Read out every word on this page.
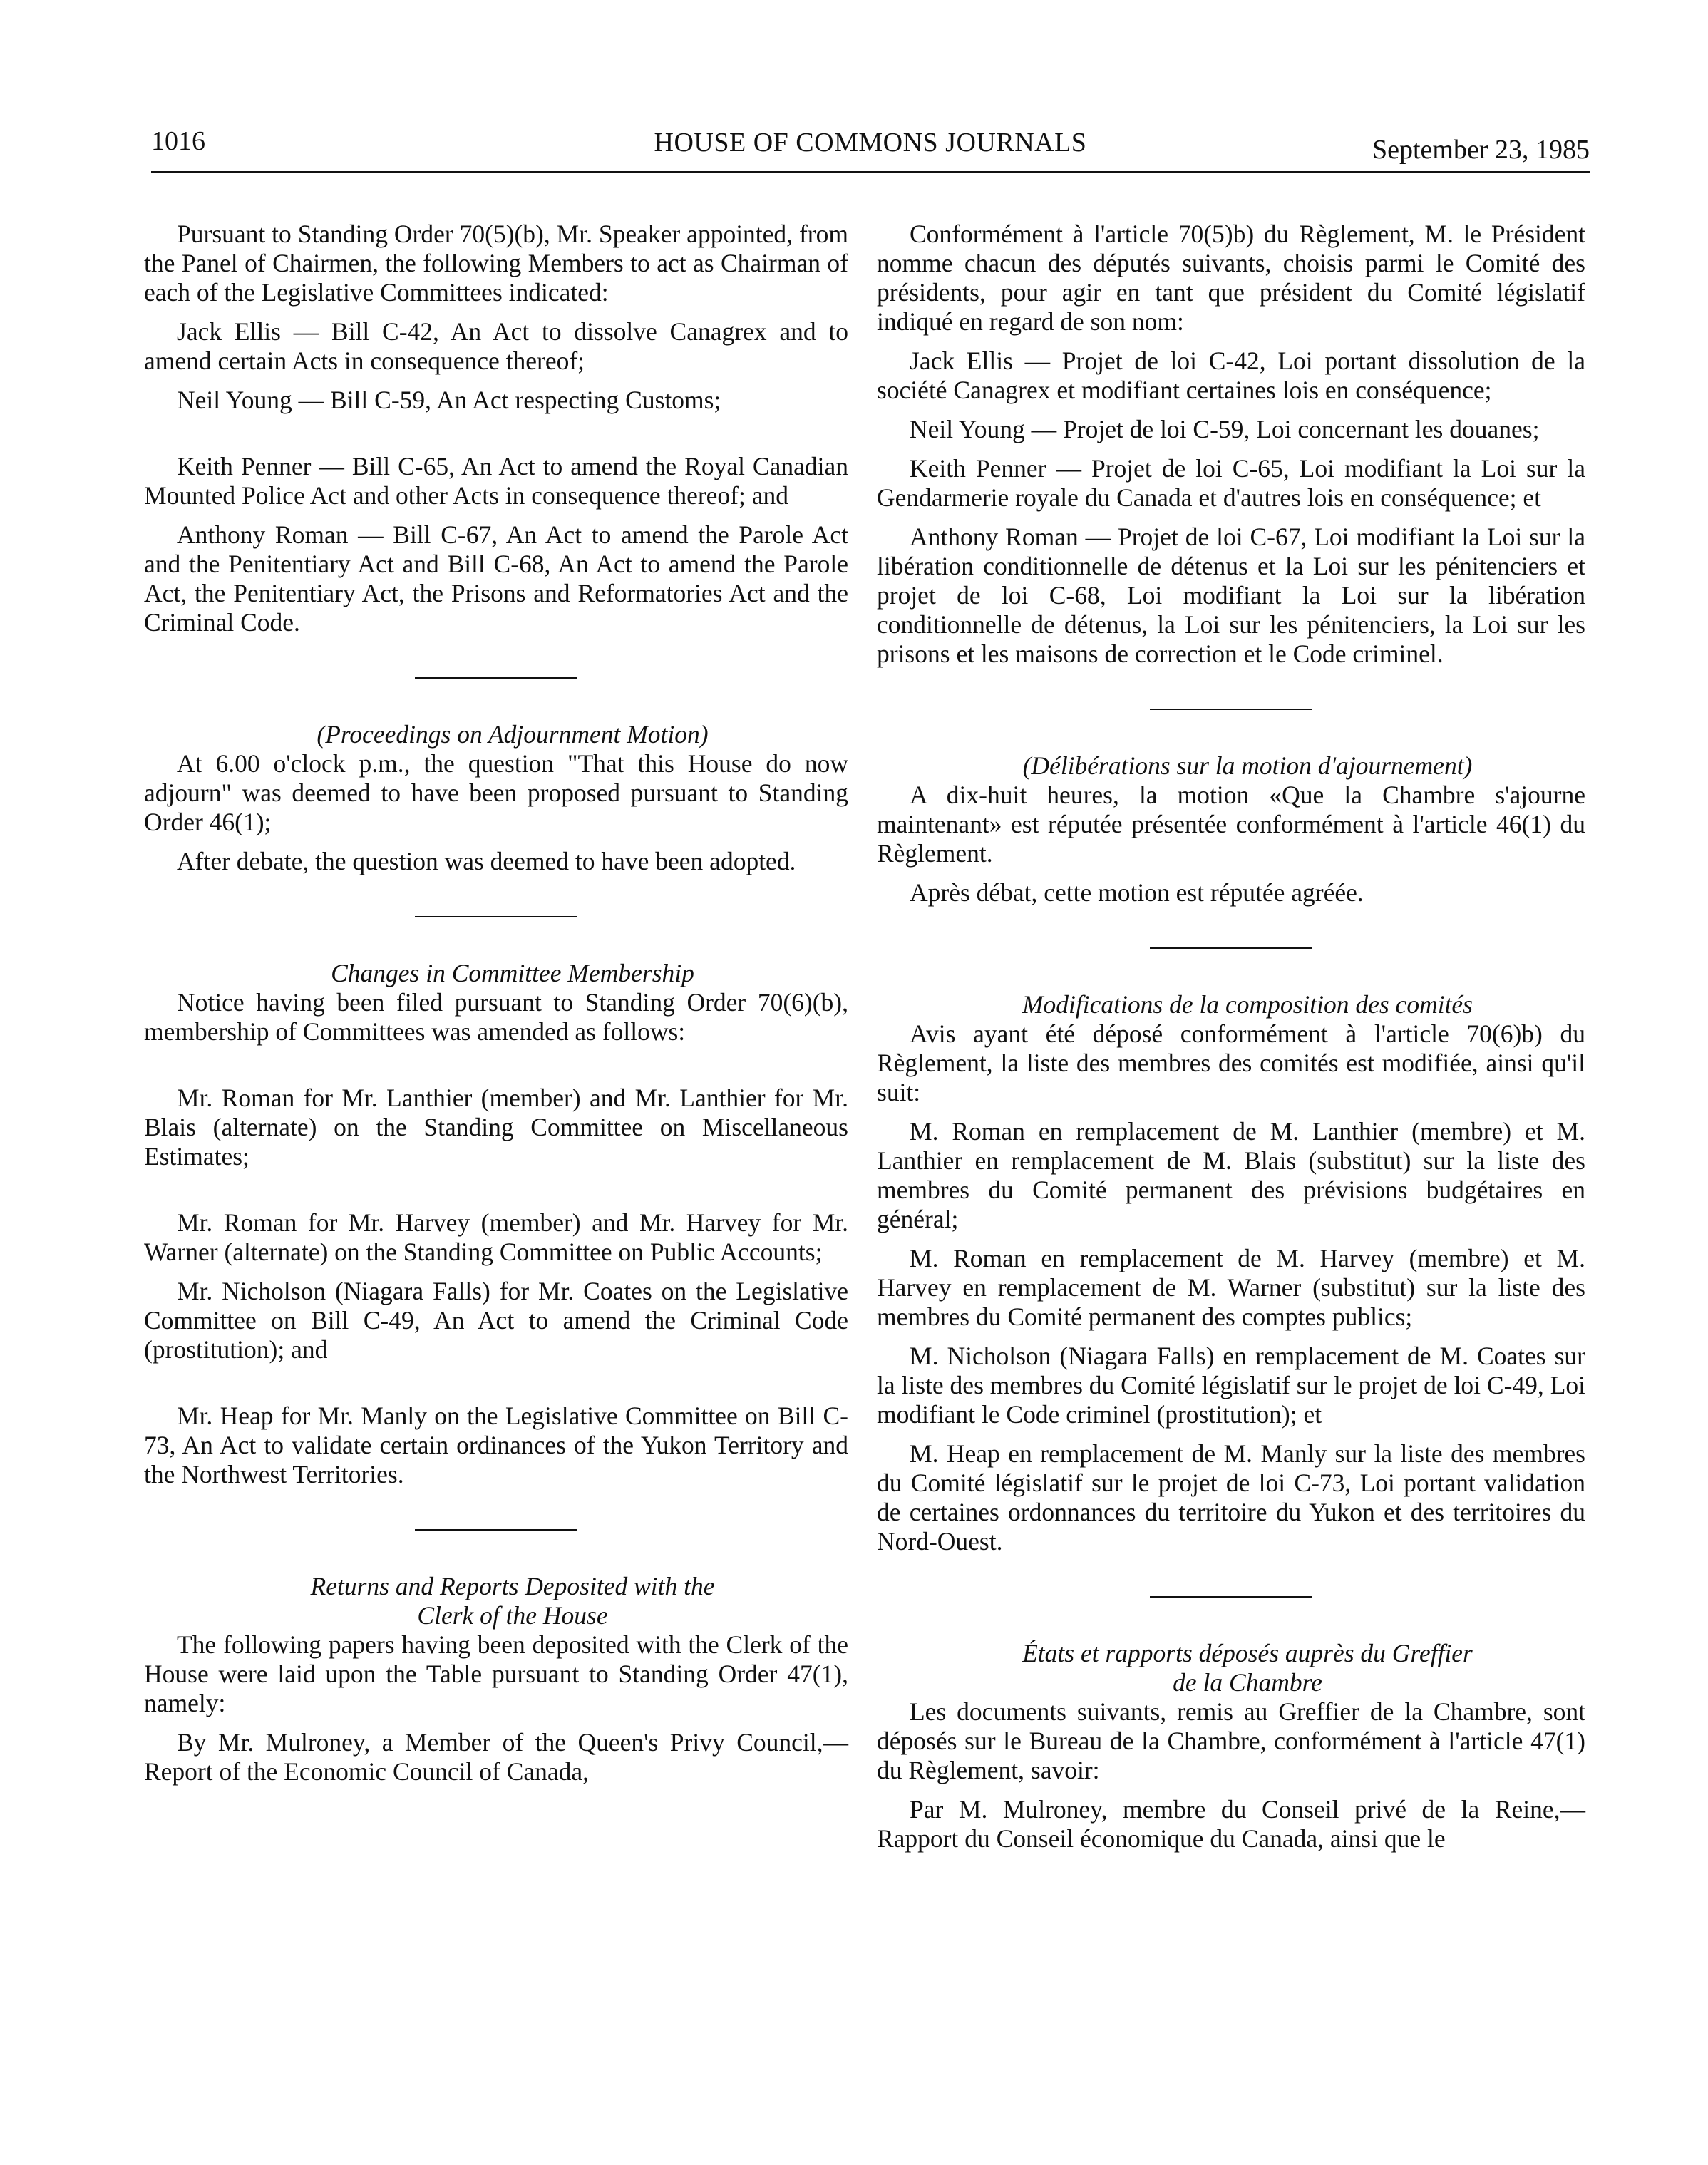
1016	HOUSE OF COMMONS JOURNALS	September 23, 1985

Pursuant to Standing Order 70(5)(b), Mr. Speaker appointed, from the Panel of Chairmen, the following Members to act as Chairman of each of the Legislative Committees indicated:

Jack Ellis — Bill C-42, An Act to dissolve Canagrex and to amend certain Acts in consequence thereof;

Neil Young — Bill C-59, An Act respecting Customs;

Keith Penner — Bill C-65, An Act to amend the Royal Canadian Mounted Police Act and other Acts in consequence thereof; and

Anthony Roman — Bill C-67, An Act to amend the Parole Act and the Penitentiary Act and Bill C-68, An Act to amend the Parole Act, the Penitentiary Act, the Prisons and Reformatories Act and the Criminal Code.

(Proceedings on Adjournment Motion)

At 6.00 o'clock p.m., the question "That this House do now adjourn" was deemed to have been proposed pursuant to Standing Order 46(1);

After debate, the question was deemed to have been adopted.

Changes in Committee Membership

Notice having been filed pursuant to Standing Order 70(6)(b), membership of Committees was amended as follows:

Mr. Roman for Mr. Lanthier (member) and Mr. Lanthier for Mr. Blais (alternate) on the Standing Committee on Miscellaneous Estimates;

Mr. Roman for Mr. Harvey (member) and Mr. Harvey for Mr. Warner (alternate) on the Standing Committee on Public Accounts;

Mr. Nicholson (Niagara Falls) for Mr. Coates on the Legislative Committee on Bill C-49, An Act to amend the Criminal Code (prostitution); and

Mr. Heap for Mr. Manly on the Legislative Committee on Bill C-73, An Act to validate certain ordinances of the Yukon Territory and the Northwest Territories.

Returns and Reports Deposited with the
Clerk of the House

The following papers having been deposited with the Clerk of the House were laid upon the Table pursuant to Standing Order 47(1), namely:

By Mr. Mulroney, a Member of the Queen's Privy Council,—Report of the Economic Council of Canada,

Conformément à l'article 70(5)b) du Règlement, M. le Président nomme chacun des députés suivants, choisis parmi le Comité des présidents, pour agir en tant que président du Comité législatif indiqué en regard de son nom:

Jack Ellis — Projet de loi C-42, Loi portant dissolution de la société Canagrex et modifiant certaines lois en conséquence;

Neil Young — Projet de loi C-59, Loi concernant les douanes;

Keith Penner — Projet de loi C-65, Loi modifiant la Loi sur la Gendarmerie royale du Canada et d'autres lois en conséquence; et

Anthony Roman — Projet de loi C-67, Loi modifiant la Loi sur la libération conditionnelle de détenus et la Loi sur les pénitenciers et projet de loi C-68, Loi modifiant la Loi sur la libération conditionnelle de détenus, la Loi sur les pénitenciers, la Loi sur les prisons et les maisons de correction et le Code criminel.

(Délibérations sur la motion d'ajournement)

A dix-huit heures, la motion «Que la Chambre s'ajourne maintenant» est réputée présentée conformément à l'article 46(1) du Règlement.

Après débat, cette motion est réputée agréée.

Modifications de la composition des comités

Avis ayant été déposé conformément à l'article 70(6)b) du Règlement, la liste des membres des comités est modifiée, ainsi qu'il suit:

M. Roman en remplacement de M. Lanthier (membre) et M. Lanthier en remplacement de M. Blais (substitut) sur la liste des membres du Comité permanent des prévisions budgétaires en général;

M. Roman en remplacement de M. Harvey (membre) et M. Harvey en remplacement de M. Warner (substitut) sur la liste des membres du Comité permanent des comptes publics;

M. Nicholson (Niagara Falls) en remplacement de M. Coates sur la liste des membres du Comité législatif sur le projet de loi C-49, Loi modifiant le Code criminel (prostitution); et

M. Heap en remplacement de M. Manly sur la liste des membres du Comité législatif sur le projet de loi C-73, Loi portant validation de certaines ordonnances du territoire du Yukon et des territoires du Nord-Ouest.

États et rapports déposés auprès du Greffier
de la Chambre

Les documents suivants, remis au Greffier de la Chambre, sont déposés sur le Bureau de la Chambre, conformément à l'article 47(1) du Règlement, savoir:

Par M. Mulroney, membre du Conseil privé de la Reine,—Rapport du Conseil économique du Canada, ainsi que le
